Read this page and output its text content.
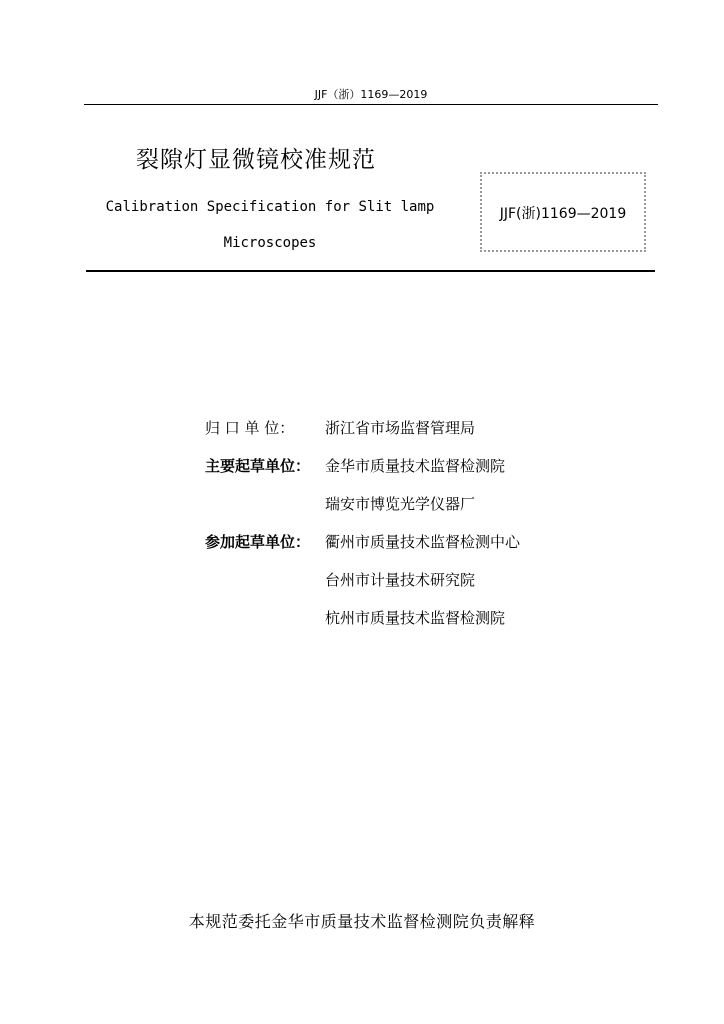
JJF（浙）1169—2019
裂隙灯显微镜校准规范
Calibration Specification for Slit lamp Microscopes
JJF(浙)1169—2019
归 口 单 位： 浙江省市场监督管理局
主要起草单位： 金华市质量技术监督检测院
瑞安市博览光学仪器厂
参加起草单位： 衢州市质量技术监督检测中心
台州市计量技术研究院
杭州市质量技术监督检测院
本规范委托金华市质量技术监督检测院负责解释
